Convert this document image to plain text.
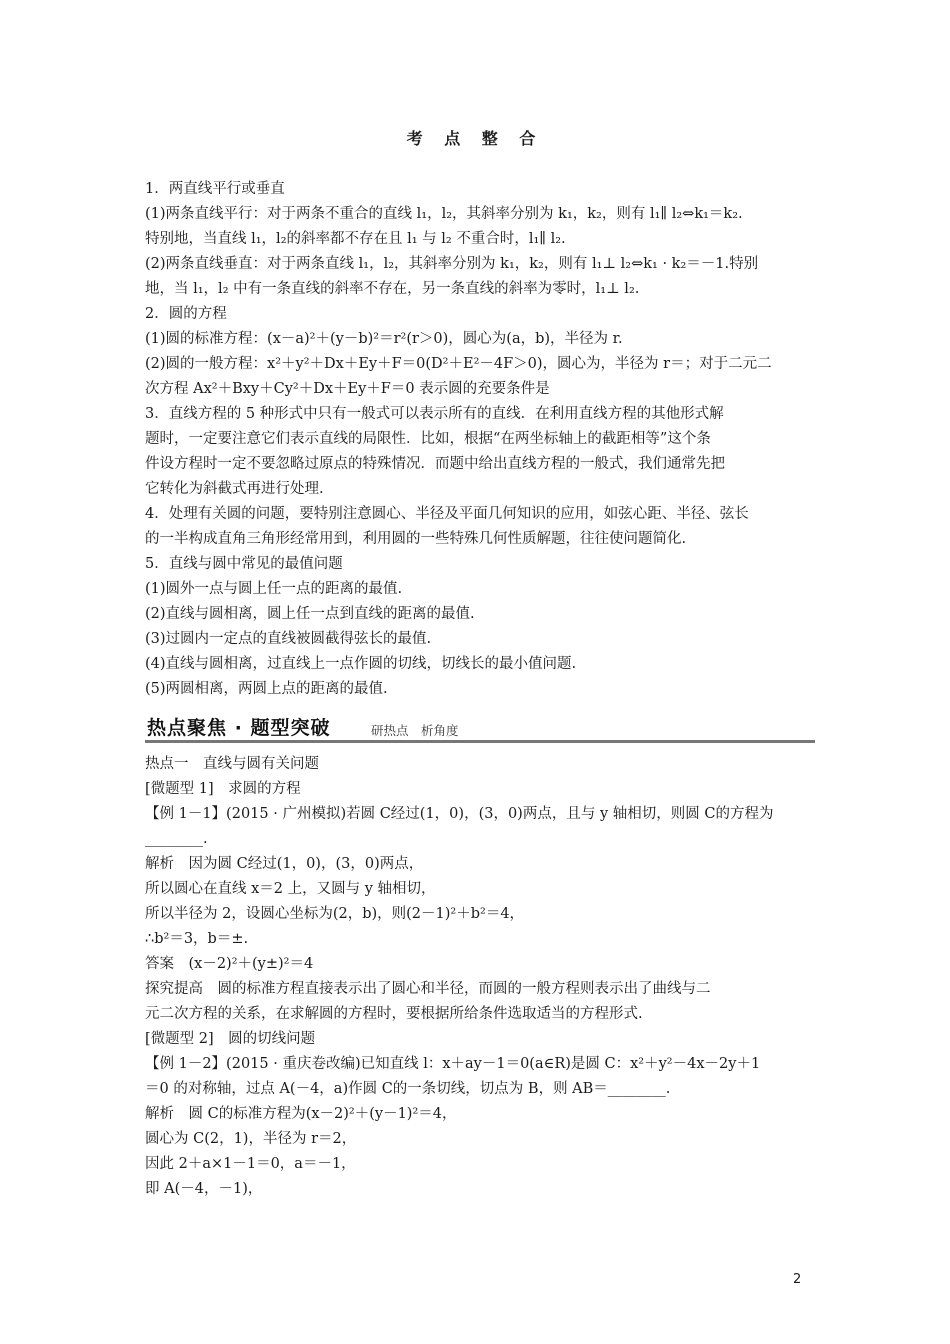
考 点 整 合

1．两直线平行或垂直

(1)两条直线平行：对于两条不重合的直线 l₁，l₂，其斜率分别为 k₁，k₂，则有 l₁∥ l₂⇔k₁＝k₂.

特别地，当直线 l₁，l₂的斜率都不存在且 l₁ 与 l₂ 不重合时，l₁∥ l₂.

(2)两条直线垂直：对于两条直线 l₁，l₂，其斜率分别为 k₁，k₂，则有 l₁⊥ l₂⇔k₁ · k₂＝－1.特别

地，当 l₁，l₂ 中有一条直线的斜率不存在，另一条直线的斜率为零时，l₁⊥ l₂.

2．圆的方程

(1)圆的标准方程：(x－a)²＋(y－b)²＝r²(r＞0)，圆心为(a，b)，半径为 r.

(2)圆的一般方程：x²＋y²＋Dx＋Ey＋F＝0(D²＋E²－4F＞0)，圆心为，半径为 r＝；对于二元二

次方程 Ax²＋Bxy＋Cy²＋Dx＋Ey＋F＝0 表示圆的充要条件是

3．直线方程的 5 种形式中只有一般式可以表示所有的直线．在利用直线方程的其他形式解

题时，一定要注意它们表示直线的局限性．比如，根据“在两坐标轴上的截距相等”这个条

件设方程时一定不要忽略过原点的特殊情况．而题中给出直线方程的一般式，我们通常先把

它转化为斜截式再进行处理.

4．处理有关圆的问题，要特别注意圆心、半径及平面几何知识的应用，如弦心距、半径、弦长

的一半构成直角三角形经常用到，利用圆的一些特殊几何性质解题，往往使问题简化.

5．直线与圆中常见的最值问题

(1)圆外一点与圆上任一点的距离的最值.

(2)直线与圆相离，圆上任一点到直线的距离的最值.

(3)过圆内一定点的直线被圆截得弦长的最值.

(4)直线与圆相离，过直线上一点作圆的切线，切线长的最小值问题.

(5)两圆相离，两圆上点的距离的最值.

热点聚焦 · 题型突破	研热点　析角度

热点一　直线与圆有关问题

[微题型 1]　求圆的方程

【例 1－1】(2015 · 广州模拟)若圆 C经过(1，0)，(3，0)两点，且与 y 轴相切，则圆 C的方程为

________.

解析　因为圆 C经过(1，0)，(3，0)两点，

所以圆心在直线 x＝2 上，又圆与 y 轴相切，

所以半径为 2，设圆心坐标为(2，b)，则(2－1)²＋b²＝4，

∴b²＝3，b＝±.

答案　(x－2)²＋(y±)²＝4

探究提高　圆的标准方程直接表示出了圆心和半径，而圆的一般方程则表示出了曲线与二

元二次方程的关系，在求解圆的方程时，要根据所给条件选取适当的方程形式.

[微题型 2]　圆的切线问题

【例 1－2】(2015 · 重庆卷改编)已知直线 l：x＋ay－1＝0(a∈R)是圆 C：x²＋y²－4x－2y＋1

＝0 的对称轴，过点 A(－4，a)作圆 C的一条切线，切点为 B，则 AB＝________.

解析　圆 C的标准方程为(x－2)²＋(y－1)²＝4，

圆心为 C(2，1)，半径为 r＝2，

因此 2＋a×1－1＝0，a＝－1，

即 A(－4，－1)，

2
